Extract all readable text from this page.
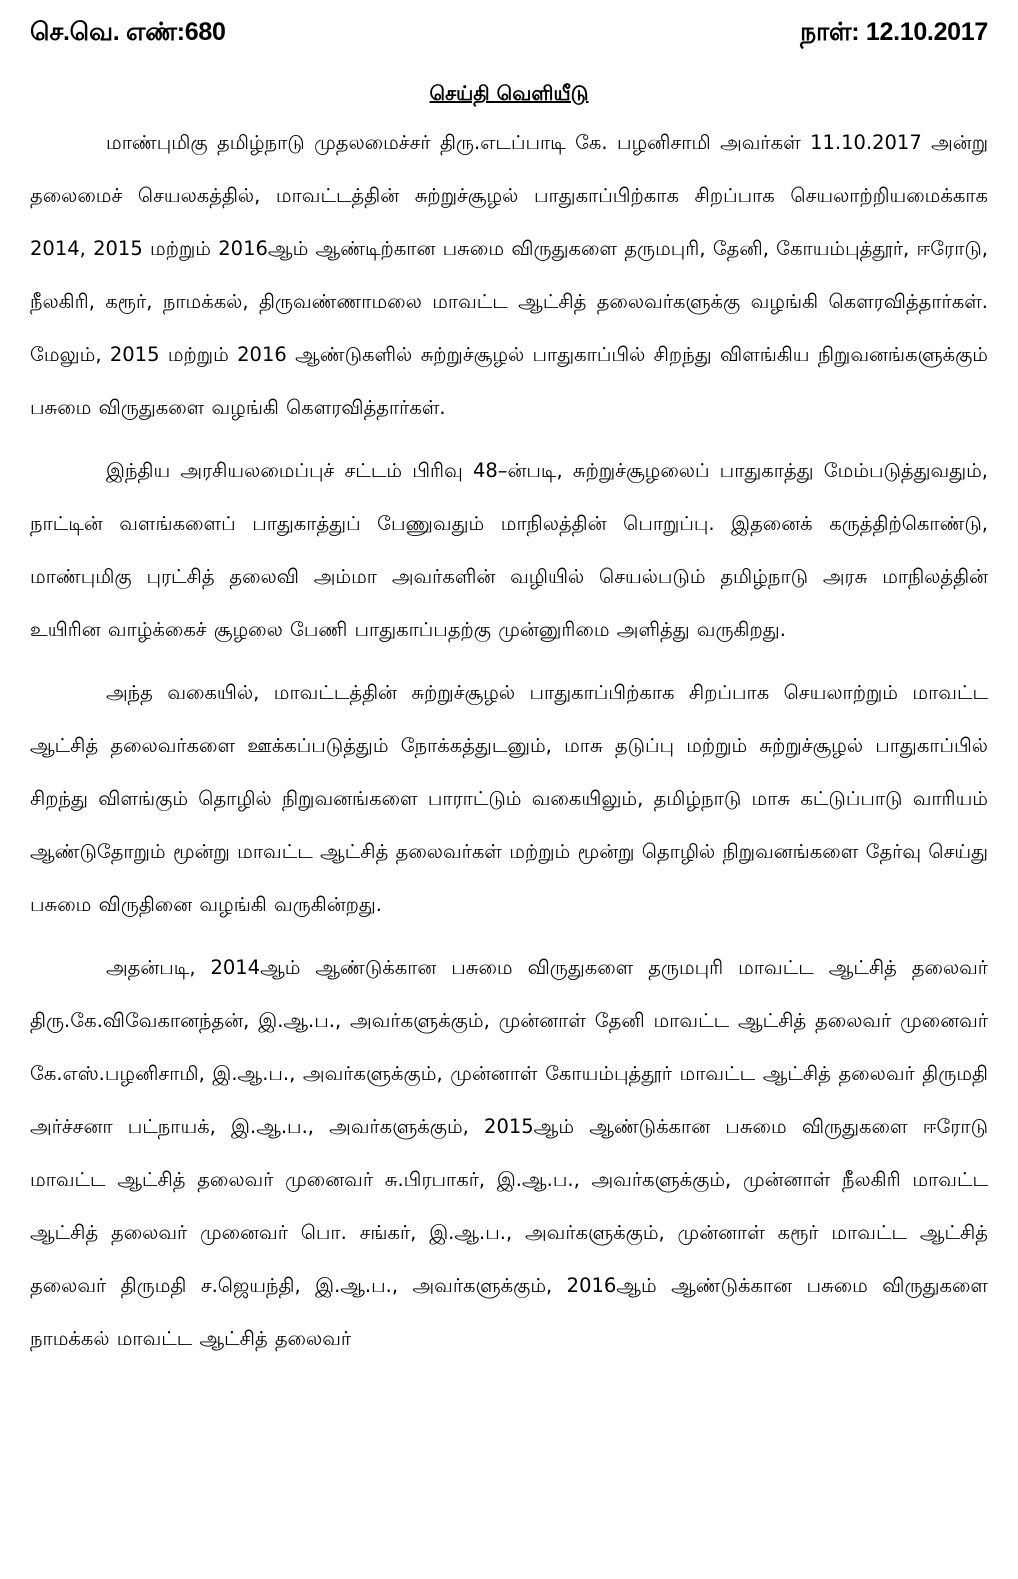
செ.வெ. எண்:680	நாள்: 12.10.2017
செய்தி வெளியீடு

மாண்புமிகு தமிழ்நாடு முதலமைச்சர் திரு.எடப்பாடி கே. பழனிசாமி அவர்கள் 11.10.2017 அன்று தலைமைச் செயலகத்தில், மாவட்டத்தின் சுற்றுச்சூழல் பாதுகாப்பிற்காக சிறப்பாக செயலாற்றியமைக்காக 2014, 2015 மற்றும் 2016ஆம் ஆண்டிற்கான பசுமை விருதுகளை தருமபுரி, தேனி, கோயம்புத்தூர், ஈரோடு, நீலகிரி, கரூர், நாமக்கல், திருவண்ணாமலை மாவட்ட ஆட்சித் தலைவர்களுக்கு வழங்கி கௌரவித்தார்கள். மேலும், 2015 மற்றும் 2016 ஆண்டுகளில் சுற்றுச்சூழல் பாதுகாப்பில் சிறந்து விளங்கிய நிறுவனங்களுக்கும் பசுமை விருதுகளை வழங்கி கௌரவித்தார்கள்.

இந்திய அரசியலமைப்புச் சட்டம் பிரிவு 48–ன்படி, சுற்றுச்சூழலைப் பாதுகாத்து மேம்படுத்துவதும், நாட்டின் வளங்களைப் பாதுகாத்துப் பேணுவதும் மாநிலத்தின் பொறுப்பு. இதனைக் கருத்திற்கொண்டு, மாண்புமிகு புரட்சித் தலைவி அம்மா அவர்களின் வழியில் செயல்படும் தமிழ்நாடு அரசு மாநிலத்தின் உயிரின வாழ்க்கைச் சூழலை பேணி பாதுகாப்பதற்கு முன்னுரிமை அளித்து வருகிறது.

அந்த வகையில், மாவட்டத்தின் சுற்றுச்சூழல் பாதுகாப்பிற்காக சிறப்பாக செயலாற்றும் மாவட்ட ஆட்சித் தலைவர்களை ஊக்கப்படுத்தும் நோக்கத்துடனும், மாசு தடுப்பு மற்றும் சுற்றுச்சூழல் பாதுகாப்பில் சிறந்து விளங்கும் தொழில் நிறுவனங்களை பாராட்டும் வகையிலும், தமிழ்நாடு மாசு கட்டுப்பாடு வாரியம் ஆண்டுதோறும் மூன்று மாவட்ட ஆட்சித் தலைவர்கள் மற்றும் மூன்று தொழில் நிறுவனங்களை தேர்வு செய்து பசுமை விருதினை வழங்கி வருகின்றது.

அதன்படி, 2014ஆம் ஆண்டுக்கான பசுமை விருதுகளை தருமபுரி மாவட்ட ஆட்சித் தலைவர் திரு.கே.விவேகானந்தன், இ.ஆ.ப., அவர்களுக்கும், முன்னாள் தேனி மாவட்ட ஆட்சித் தலைவர் முனைவர் கே.எஸ்.பழனிசாமி, இ.ஆ.ப., அவர்களுக்கும், முன்னாள் கோயம்புத்தூர் மாவட்ட ஆட்சித் தலைவர் திருமதி அர்ச்சனா பட்நாயக், இ.ஆ.ப., அவர்களுக்கும், 2015ஆம் ஆண்டுக்கான பசுமை விருதுகளை ஈரோடு மாவட்ட ஆட்சித் தலைவர் முனைவர் சு.பிரபாகர், இ.ஆ.ப., அவர்களுக்கும், முன்னாள் நீலகிரி மாவட்ட ஆட்சித் தலைவர் முனைவர் பொ. சங்கர், இ.ஆ.ப., அவர்களுக்கும், முன்னாள் கரூர் மாவட்ட ஆட்சித் தலைவர் திருமதி ச.ஜெயந்தி, இ.ஆ.ப., அவர்களுக்கும், 2016ஆம் ஆண்டுக்கான பசுமை விருதுகளை நாமக்கல் மாவட்ட ஆட்சித் தலைவர்
